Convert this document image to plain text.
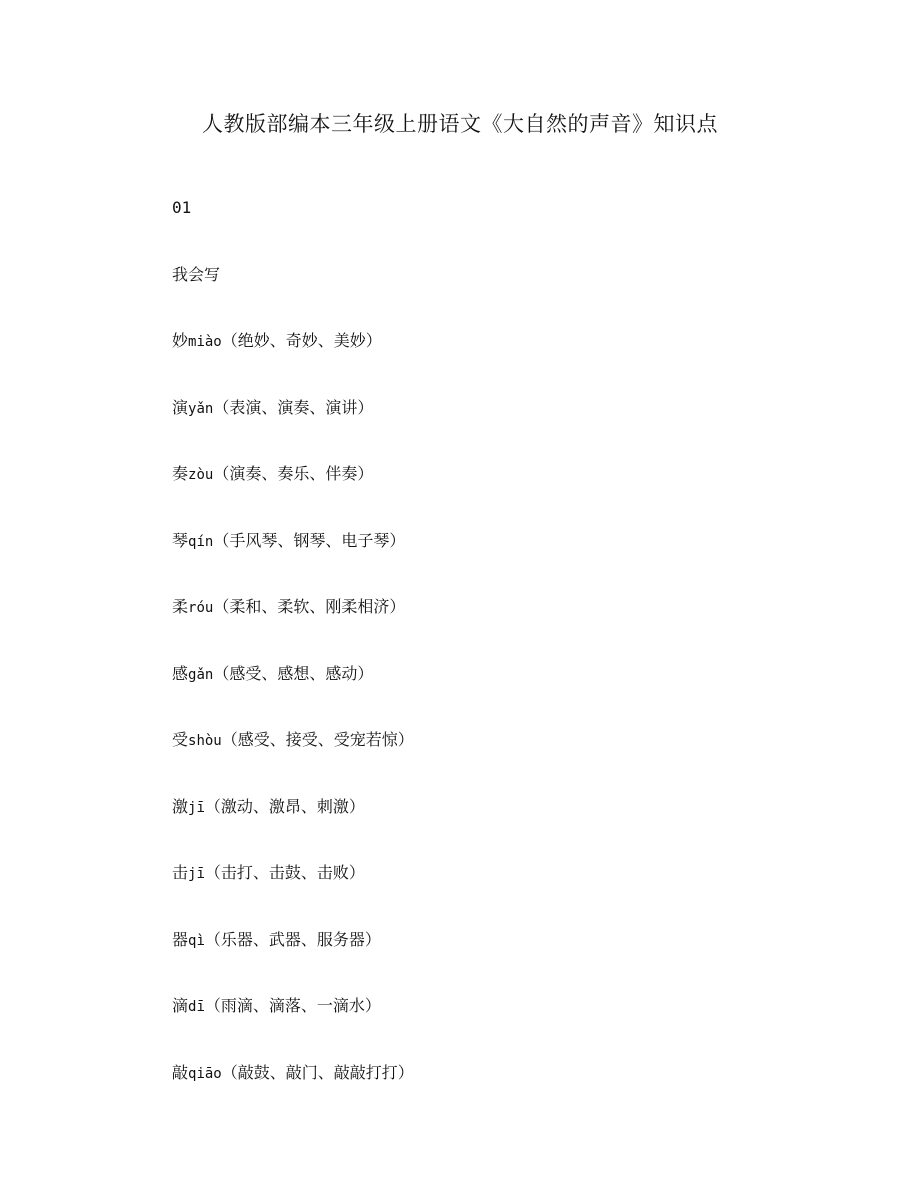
人教版部编本三年级上册语文《大自然的声音》知识点
01
我会写
妙miào（绝妙、奇妙、美妙）
演yǎn（表演、演奏、演讲）
奏zòu（演奏、奏乐、伴奏）
琴qín（手风琴、钢琴、电子琴）
柔róu（柔和、柔软、刚柔相济）
感gǎn（感受、感想、感动）
受shòu（感受、接受、受宠若惊）
激jī（激动、激昂、刺激）
击jī（击打、击鼓、击败）
器qì（乐器、武器、服务器）
滴dī（雨滴、滴落、一滴水）
敲qiāo（敲鼓、敲门、敲敲打打）
